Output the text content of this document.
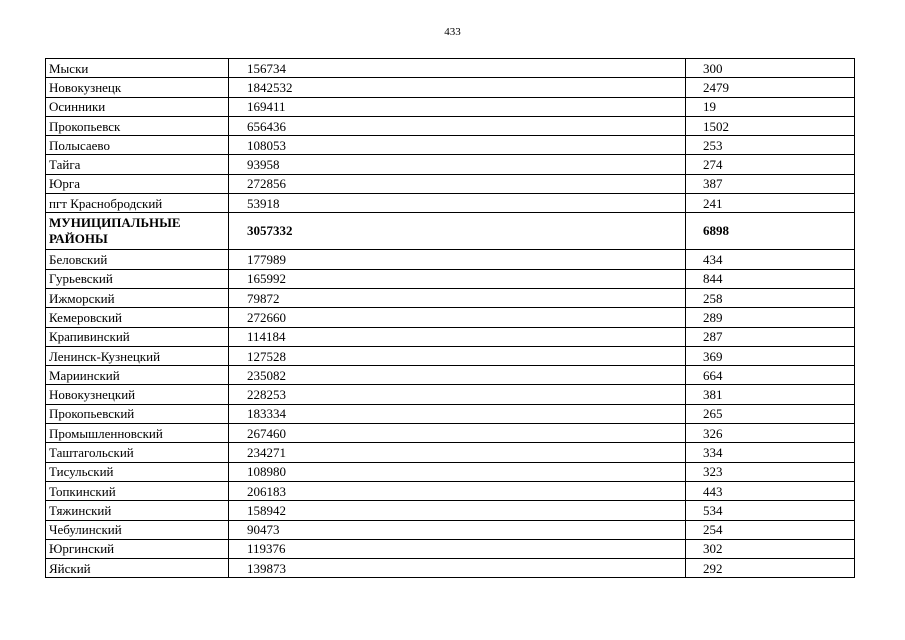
433
Мыски	156734	300
Новокузнецк	1842532	2479
Осинники	169411	19
Прокопьевск	656436	1502
Полысаево	108053	253
Тайга	93958	274
Юрга	272856	387
пгт Краснобродский	53918	241
МУНИЦИПАЛЬНЫЕ РАЙОНЫ	3057332	6898
Беловский	177989	434
Гурьевский	165992	844
Ижморский	79872	258
Кемеровский	272660	289
Крапивинский	114184	287
Ленинск-Кузнецкий	127528	369
Мариинский	235082	664
Новокузнецкий	228253	381
Прокопьевский	183334	265
Промышленновский	267460	326
Таштагольский	234271	334
Тисульский	108980	323
Топкинский	206183	443
Тяжинский	158942	534
Чебулинский	90473	254
Юргинский	119376	302
Яйский	139873	292
